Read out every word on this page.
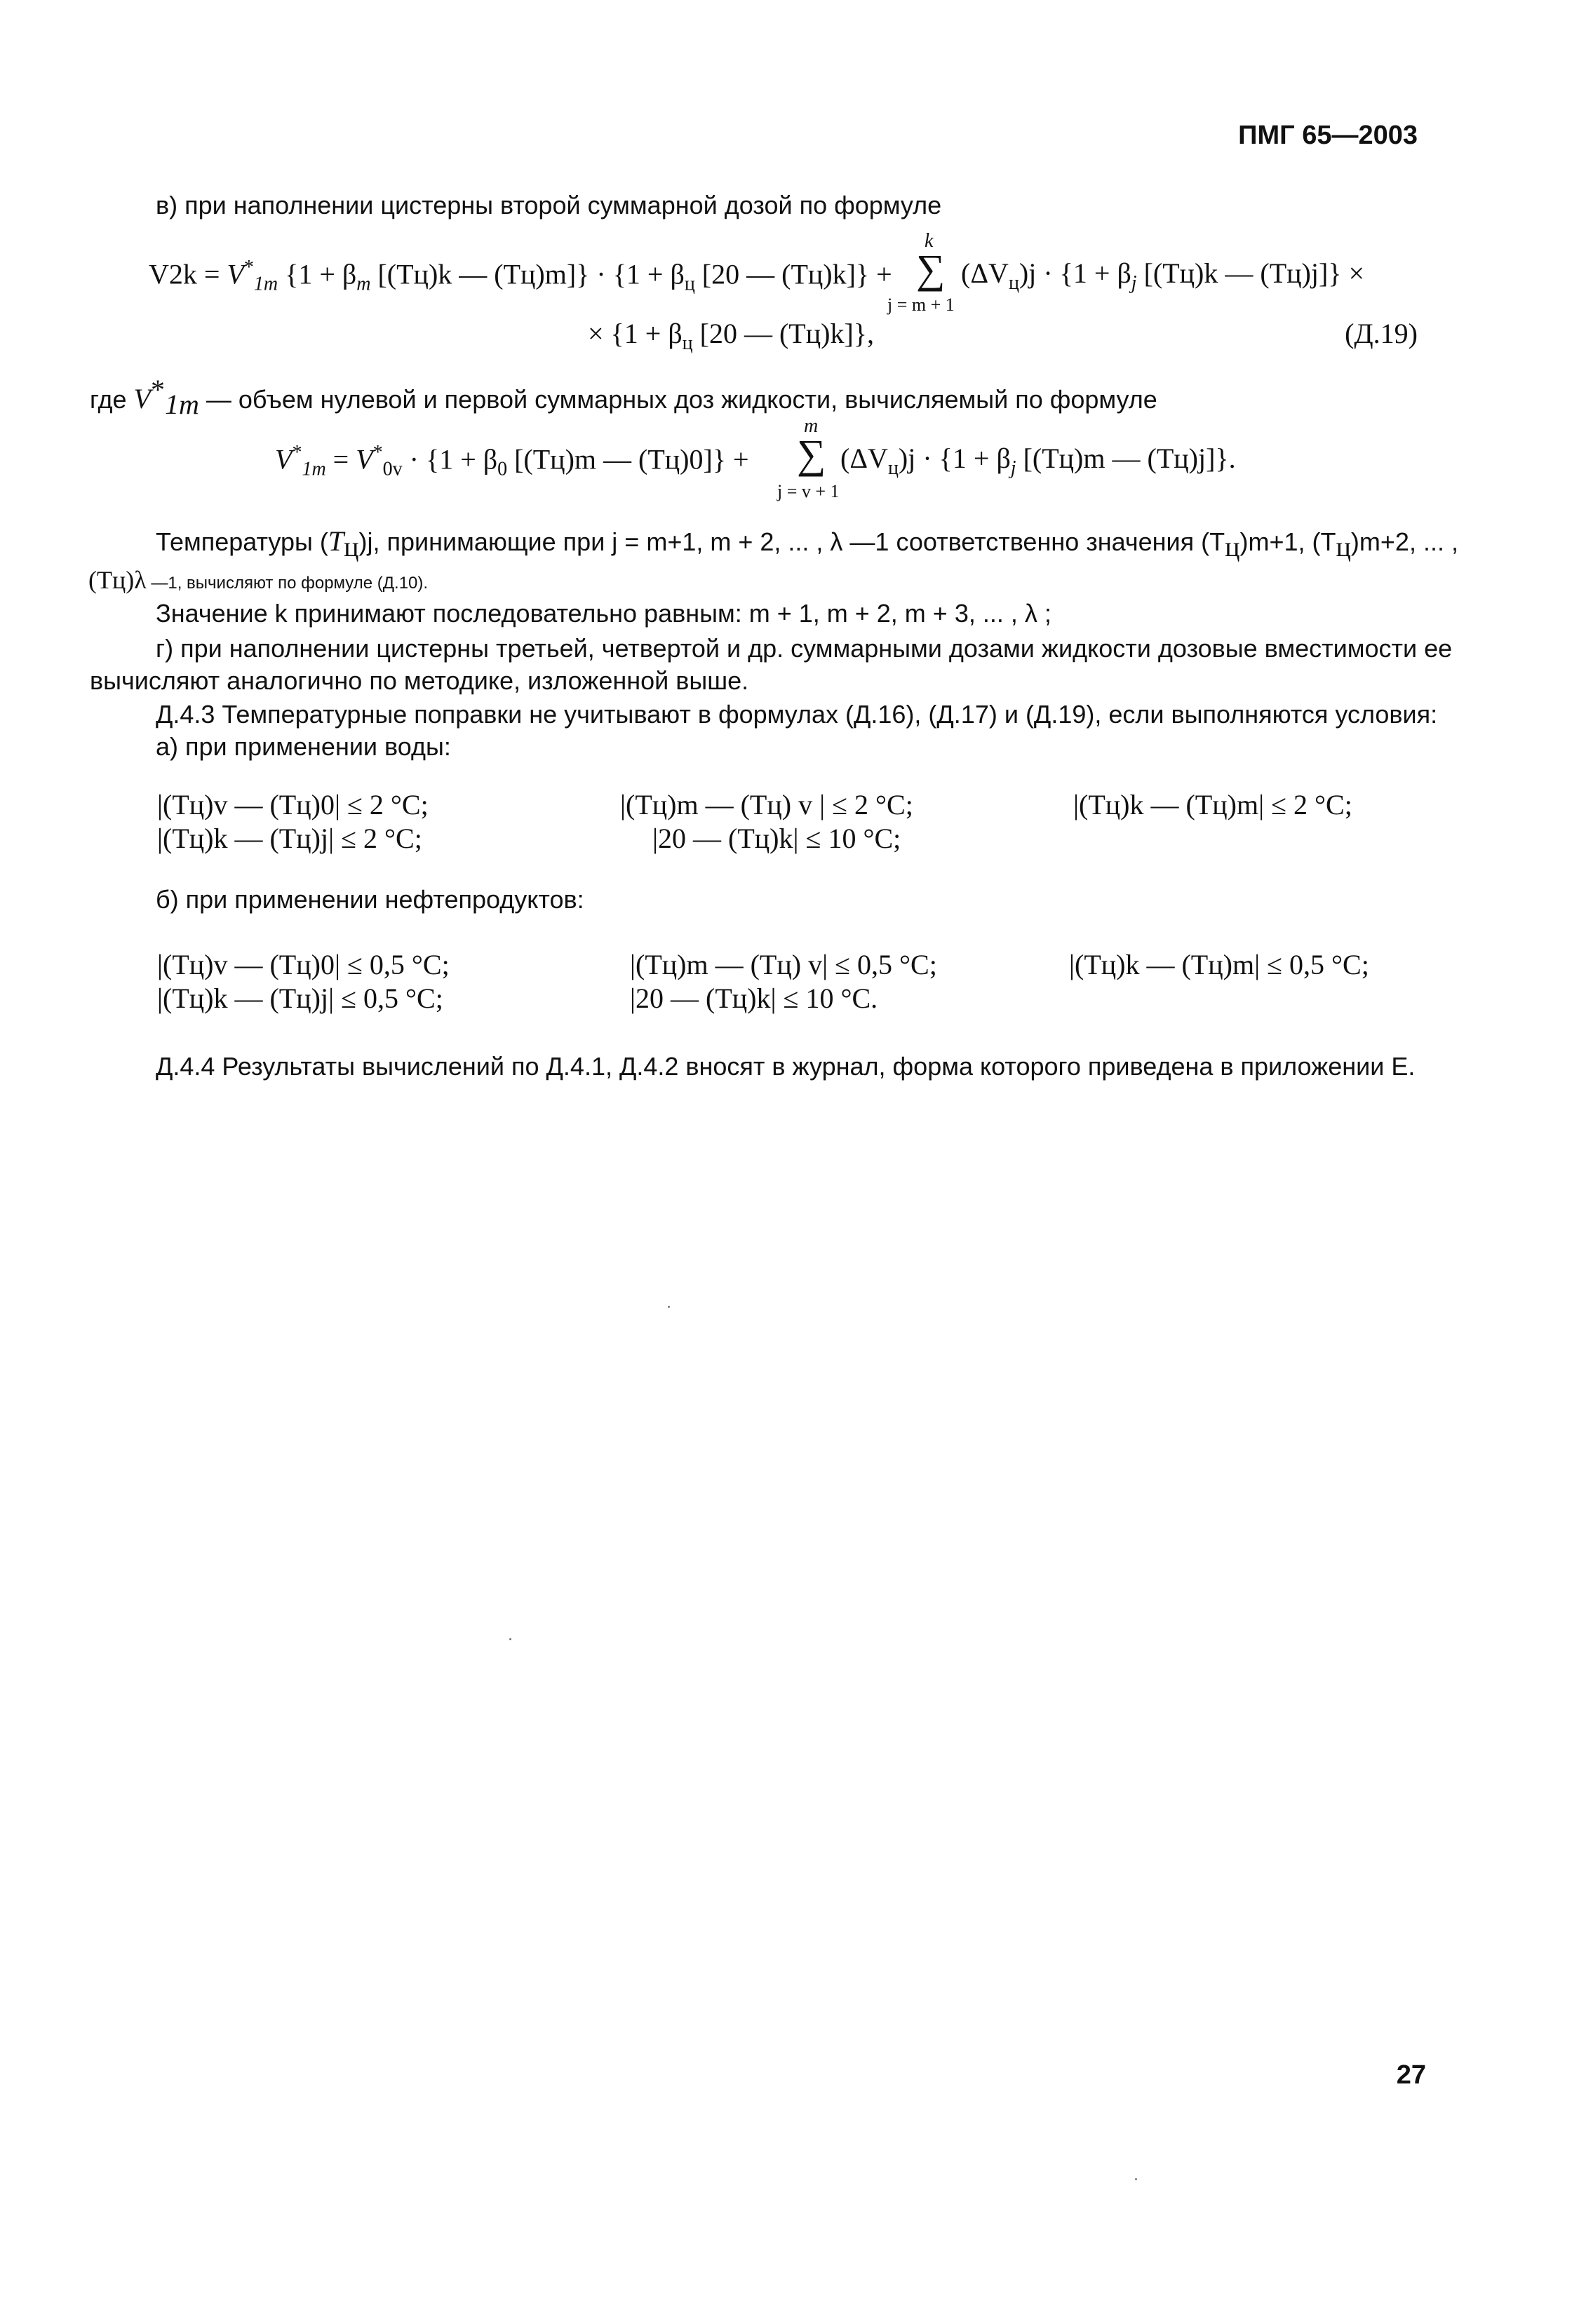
ПМГ 65—2003
в) при наполнении цистерны второй суммарной дозой по формуле
$V2k = V^*_{1m}$ {$1 + \beta_m$ [(Tц)k — $(Tц)m]\} \cdot \{1 + \beta_ц$ [20 — (Tц)k]} +
k
∑
j = m + 1
$(\Delta V_ц)j \cdot \{1 + \beta_j$ [(Tц)k — (Tц)j]} ×
× {$1 + \beta_ц$ [20 — (Tц)k]},	(Д.19)
где $V^*_{1m}$ — объем нулевой и первой суммарных доз жидкости, вычисляемый по формуле
$V^*_{1m} = V^*_{0v} \cdot \{1 + \beta_0$ [(Tц)m — (Tц)0]} +
m
∑
j = v + 1
$(\Delta V_ц)j \cdot \{1 + \beta_j$ [(Tц)m — (Tц)j]}.
Температуры $(T_ц)j$, принимающие при j = m+1, m + 2, ... , λ —1 соответственно значения $(T_ц)m+1$, $(T_ц)m+2$, ... ,
(Tц)λ —1, вычисляют по формуле (Д.10).
Значение k принимают последовательно равным: m + 1, m + 2, m + 3, ... , λ ;
г) при наполнении цистерны третьей, четвертой и др. суммарными дозами жидкости дозовые вместимости ее
вычисляют аналогично по методике, изложенной выше.
Д.4.3 Температурные поправки не учитывают в формулах (Д.16), (Д.17) и (Д.19), если выполняются условия:
а) при применении воды:
|(Tц)v — (Tц)0| ≤ 2 °C;	|(Tц)m — (Tц) v | ≤ 2 °C;	|(Tц)k — (Tц)m| ≤ 2 °C;
|(Tц)k — (Tц)j| ≤ 2 °C;	|20 — (Tц)k| ≤ 10 °C;
б) при применении нефтепродуктов:
|(Tц)v — (Tц)0| ≤ 0,5 °C;	|(Tц)m — (Tц) v| ≤ 0,5 °C;	|(Tц)k — (Tц)m| ≤ 0,5 °C;
|(Tц)k — (Tц)j| ≤ 0,5 °C;	|20 — (Tц)k| ≤ 10 °C.
Д.4.4 Результаты вычислений по Д.4.1, Д.4.2 вносят в журнал, форма которого приведена в приложении Е.
27
